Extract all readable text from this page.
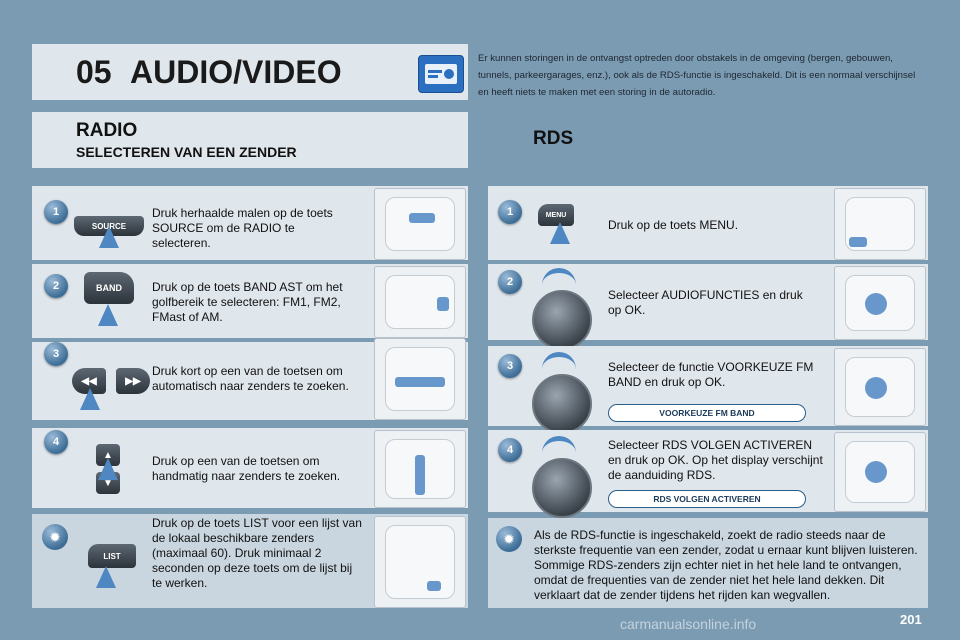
05 AUDIO/VIDEO	Er kunnen storingen in de ontvangst optreden door obstakels in de omgeving (bergen, gebouwen, tunnels, parkeergarages, enz.), ook als de RDS-functie is ingeschakeld. Dit is een normaal verschijnsel en heeft niets te maken met een storing in de autoradio.
RADIO
SELECTEREN VAN EEN ZENDER
RDS
1
SOURCE
Druk herhaalde malen op de toets SOURCE om de RADIO te selecteren.
2	BAND	Druk op de toets BAND AST om het golfbereik te selecteren: FM1, FM2, FMast of AM.
3
◀◀	▶▶
Druk kort op een van de toetsen om automatisch naar zenders te zoeken.
4
▲
▼
Druk op een van de toetsen om handmatig naar zenders te zoeken.
✹
LIST
Druk op de toets LIST voor een lijst van de lokaal beschikbare zenders (maximaal 60). Druk minimaal 2 seconden op deze toets om de lijst bij te werken.
1	MENU
Druk op de toets MENU.
2
Selecteer AUDIOFUNCTIES en druk op OK.
3	Selecteer de functie VOORKEUZE FM BAND en druk op OK.
VOORKEUZE FM BAND
4	Selecteer RDS VOLGEN ACTIVEREN en druk op OK. Op het display verschijnt de aanduiding RDS.
RDS VOLGEN ACTIVEREN
✹	Als de RDS-functie is ingeschakeld, zoekt de radio steeds naar de sterkste frequentie van een zender, zodat u ernaar kunt blijven luisteren. Sommige RDS-zenders zijn echter niet in het hele land te ontvangen, omdat de frequenties van de zender niet het hele land dekken. Dit verklaart dat de zender tijdens het rijden kan wegvallen.
carmanualsonline.info	201
